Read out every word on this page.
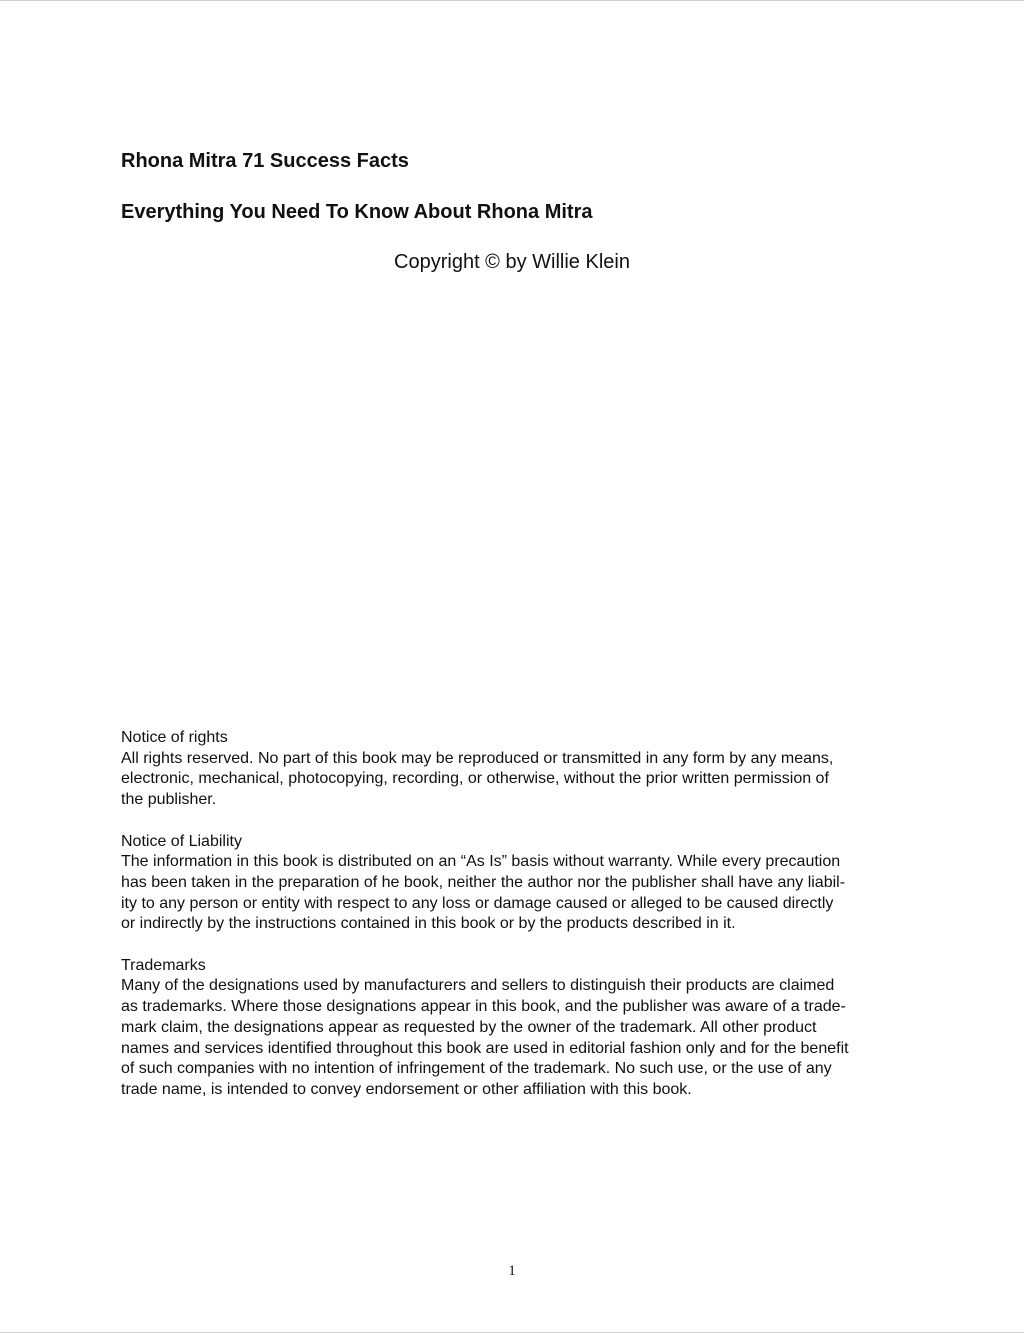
Rhona Mitra 71 Success Facts
Everything You Need To Know About Rhona Mitra

Copyright © by Willie Klein

Notice of rights
All rights reserved. No part of this book may be reproduced or transmitted in any form by any means,
electronic, mechanical, photocopying, recording, or otherwise, without the prior written permission of
the publisher.
Notice of Liability
The information in this book is distributed on an “As Is” basis without warranty. While every precaution
has been taken in the preparation of he book, neither the author nor the publisher shall have any liabil-
ity to any person or entity with respect to any loss or damage caused or alleged to be caused directly
or indirectly by the instructions contained in this book or by the products described in it.
Trademarks
Many of the designations used by manufacturers and sellers to distinguish their products are claimed
as trademarks. Where those designations appear in this book, and the publisher was aware of a trade-
mark claim, the designations appear as requested by the owner of the trademark. All other product
names and services identified throughout this book are used in editorial fashion only and for the benefit
of such companies with no intention of infringement of the trademark. No such use, or the use of any
trade name, is intended to convey endorsement or other affiliation with this book.
1
